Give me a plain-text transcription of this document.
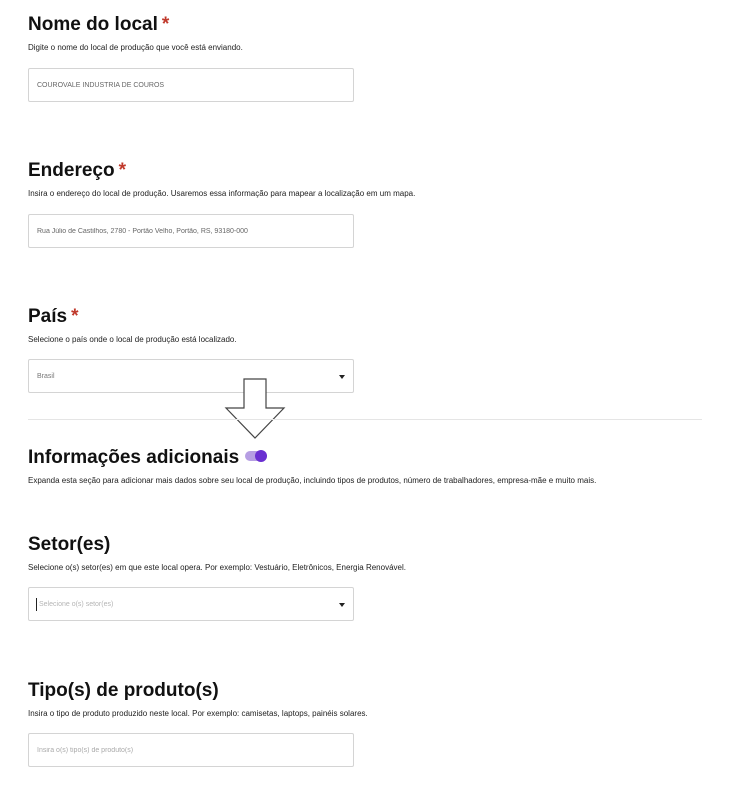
Nome do local *
Digite o nome do local de produção que você está enviando.
COUROVALE INDÚSTRIA DE COUROS
Endereço *
Insira o endereço do local de produção. Usaremos essa informação para mapear a localização em um mapa.
Rua Júlio de Castilhos, 2780 - Portão Velho, Portão, RS, 93180-000
País *
Selecione o país onde o local de produção está localizado.
Brasil
Informações adicionais
Expanda esta seção para adicionar mais dados sobre seu local de produção, incluindo tipos de produtos, número de trabalhadores, empresa-mãe e muito mais.
Setor(es)
Selecione o(s) setor(es) em que este local opera. Por exemplo: Vestuário, Eletrônicos, Energia Renovável.
Selecione o(s) setor(es)
Tipo(s) de produto(s)
Insira o tipo de produto produzido neste local. Por exemplo: camisetas, laptops, painéis solares.
Insira o(s) tipo(s) de produto(s)
